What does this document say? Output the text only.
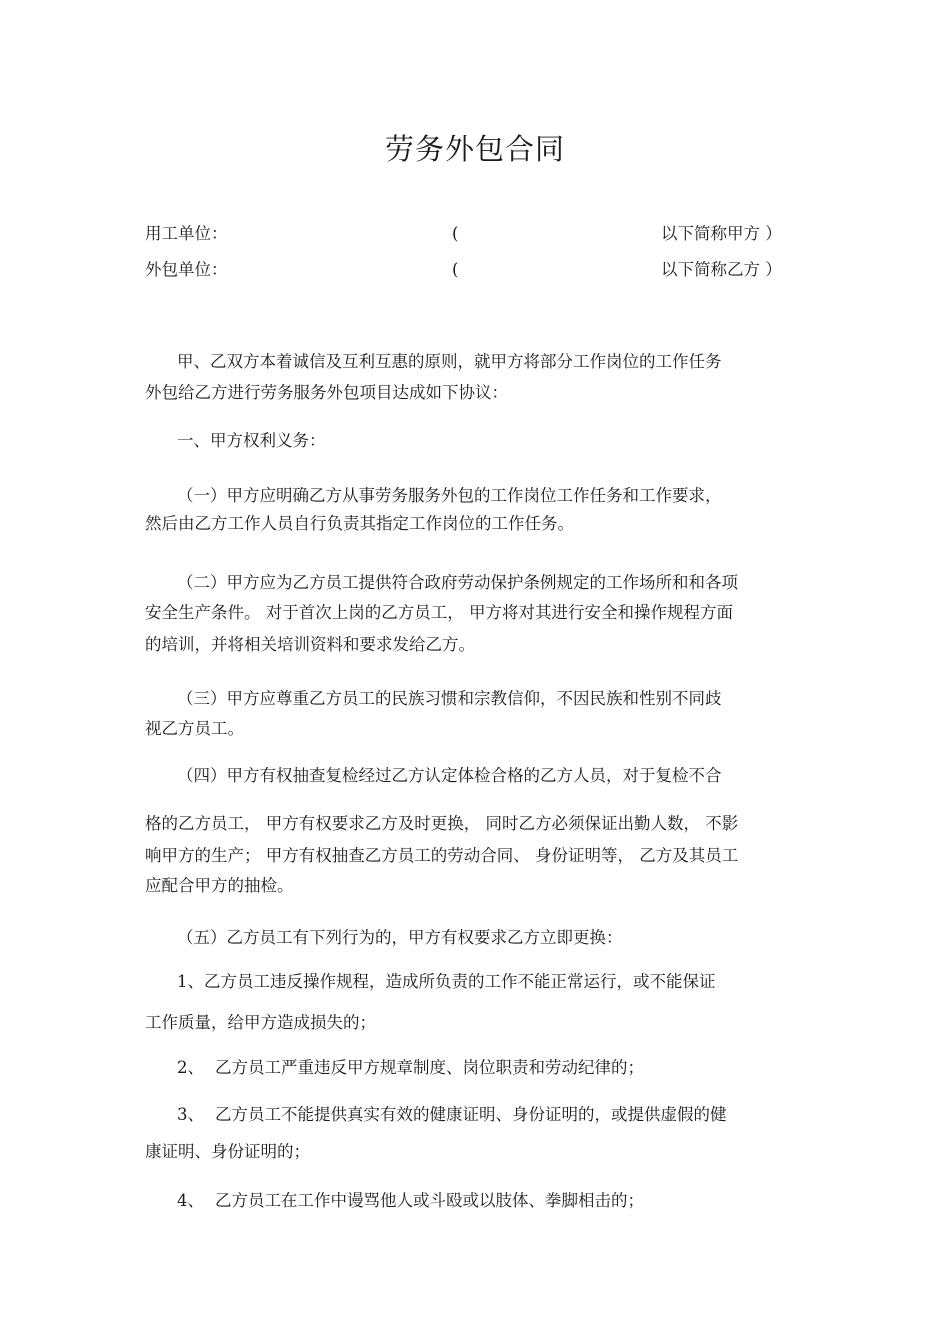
劳务外包合同
用工单位：	(	以下简称甲方 ）
外包单位：	(	以下简称乙方 ）
甲、乙双方本着诚信及互利互惠的原则，就甲方将部分工作岗位的工作任务
外包给乙方进行劳务服务外包项目达成如下协议：
一、甲方权利义务：
（一）甲方应明确乙方从事劳务服务外包的工作岗位工作任务和工作要求，
然后由乙方工作人员自行负责其指定工作岗位的工作任务。
（二）甲方应为乙方员工提供符合政府劳动保护条例规定的工作场所和和各项
安全生产条件。 对于首次上岗的乙方员工， 甲方将对其进行安全和操作规程方面
的培训，并将相关培训资料和要求发给乙方。
（三）甲方应尊重乙方员工的民族习惯和宗教信仰，不因民族和性别不同歧
视乙方员工。
（四）甲方有权抽查复检经过乙方认定体检合格的乙方人员，对于复检不合
格的乙方员工， 甲方有权要求乙方及时更换， 同时乙方必须保证出勤人数， 不影
响甲方的生产； 甲方有权抽查乙方员工的劳动合同、 身份证明等， 乙方及其员工
应配合甲方的抽检。
（五）乙方员工有下列行为的，甲方有权要求乙方立即更换：
1、乙方员工违反操作规程，造成所负责的工作不能正常运行，或不能保证
工作质量，给甲方造成损失的；
2、 乙方员工严重违反甲方规章制度、岗位职责和劳动纪律的；
3、 乙方员工不能提供真实有效的健康证明、身份证明的，或提供虚假的健
康证明、身份证明的；
4、 乙方员工在工作中谩骂他人或斗殴或以肢体、拳脚相击的；
